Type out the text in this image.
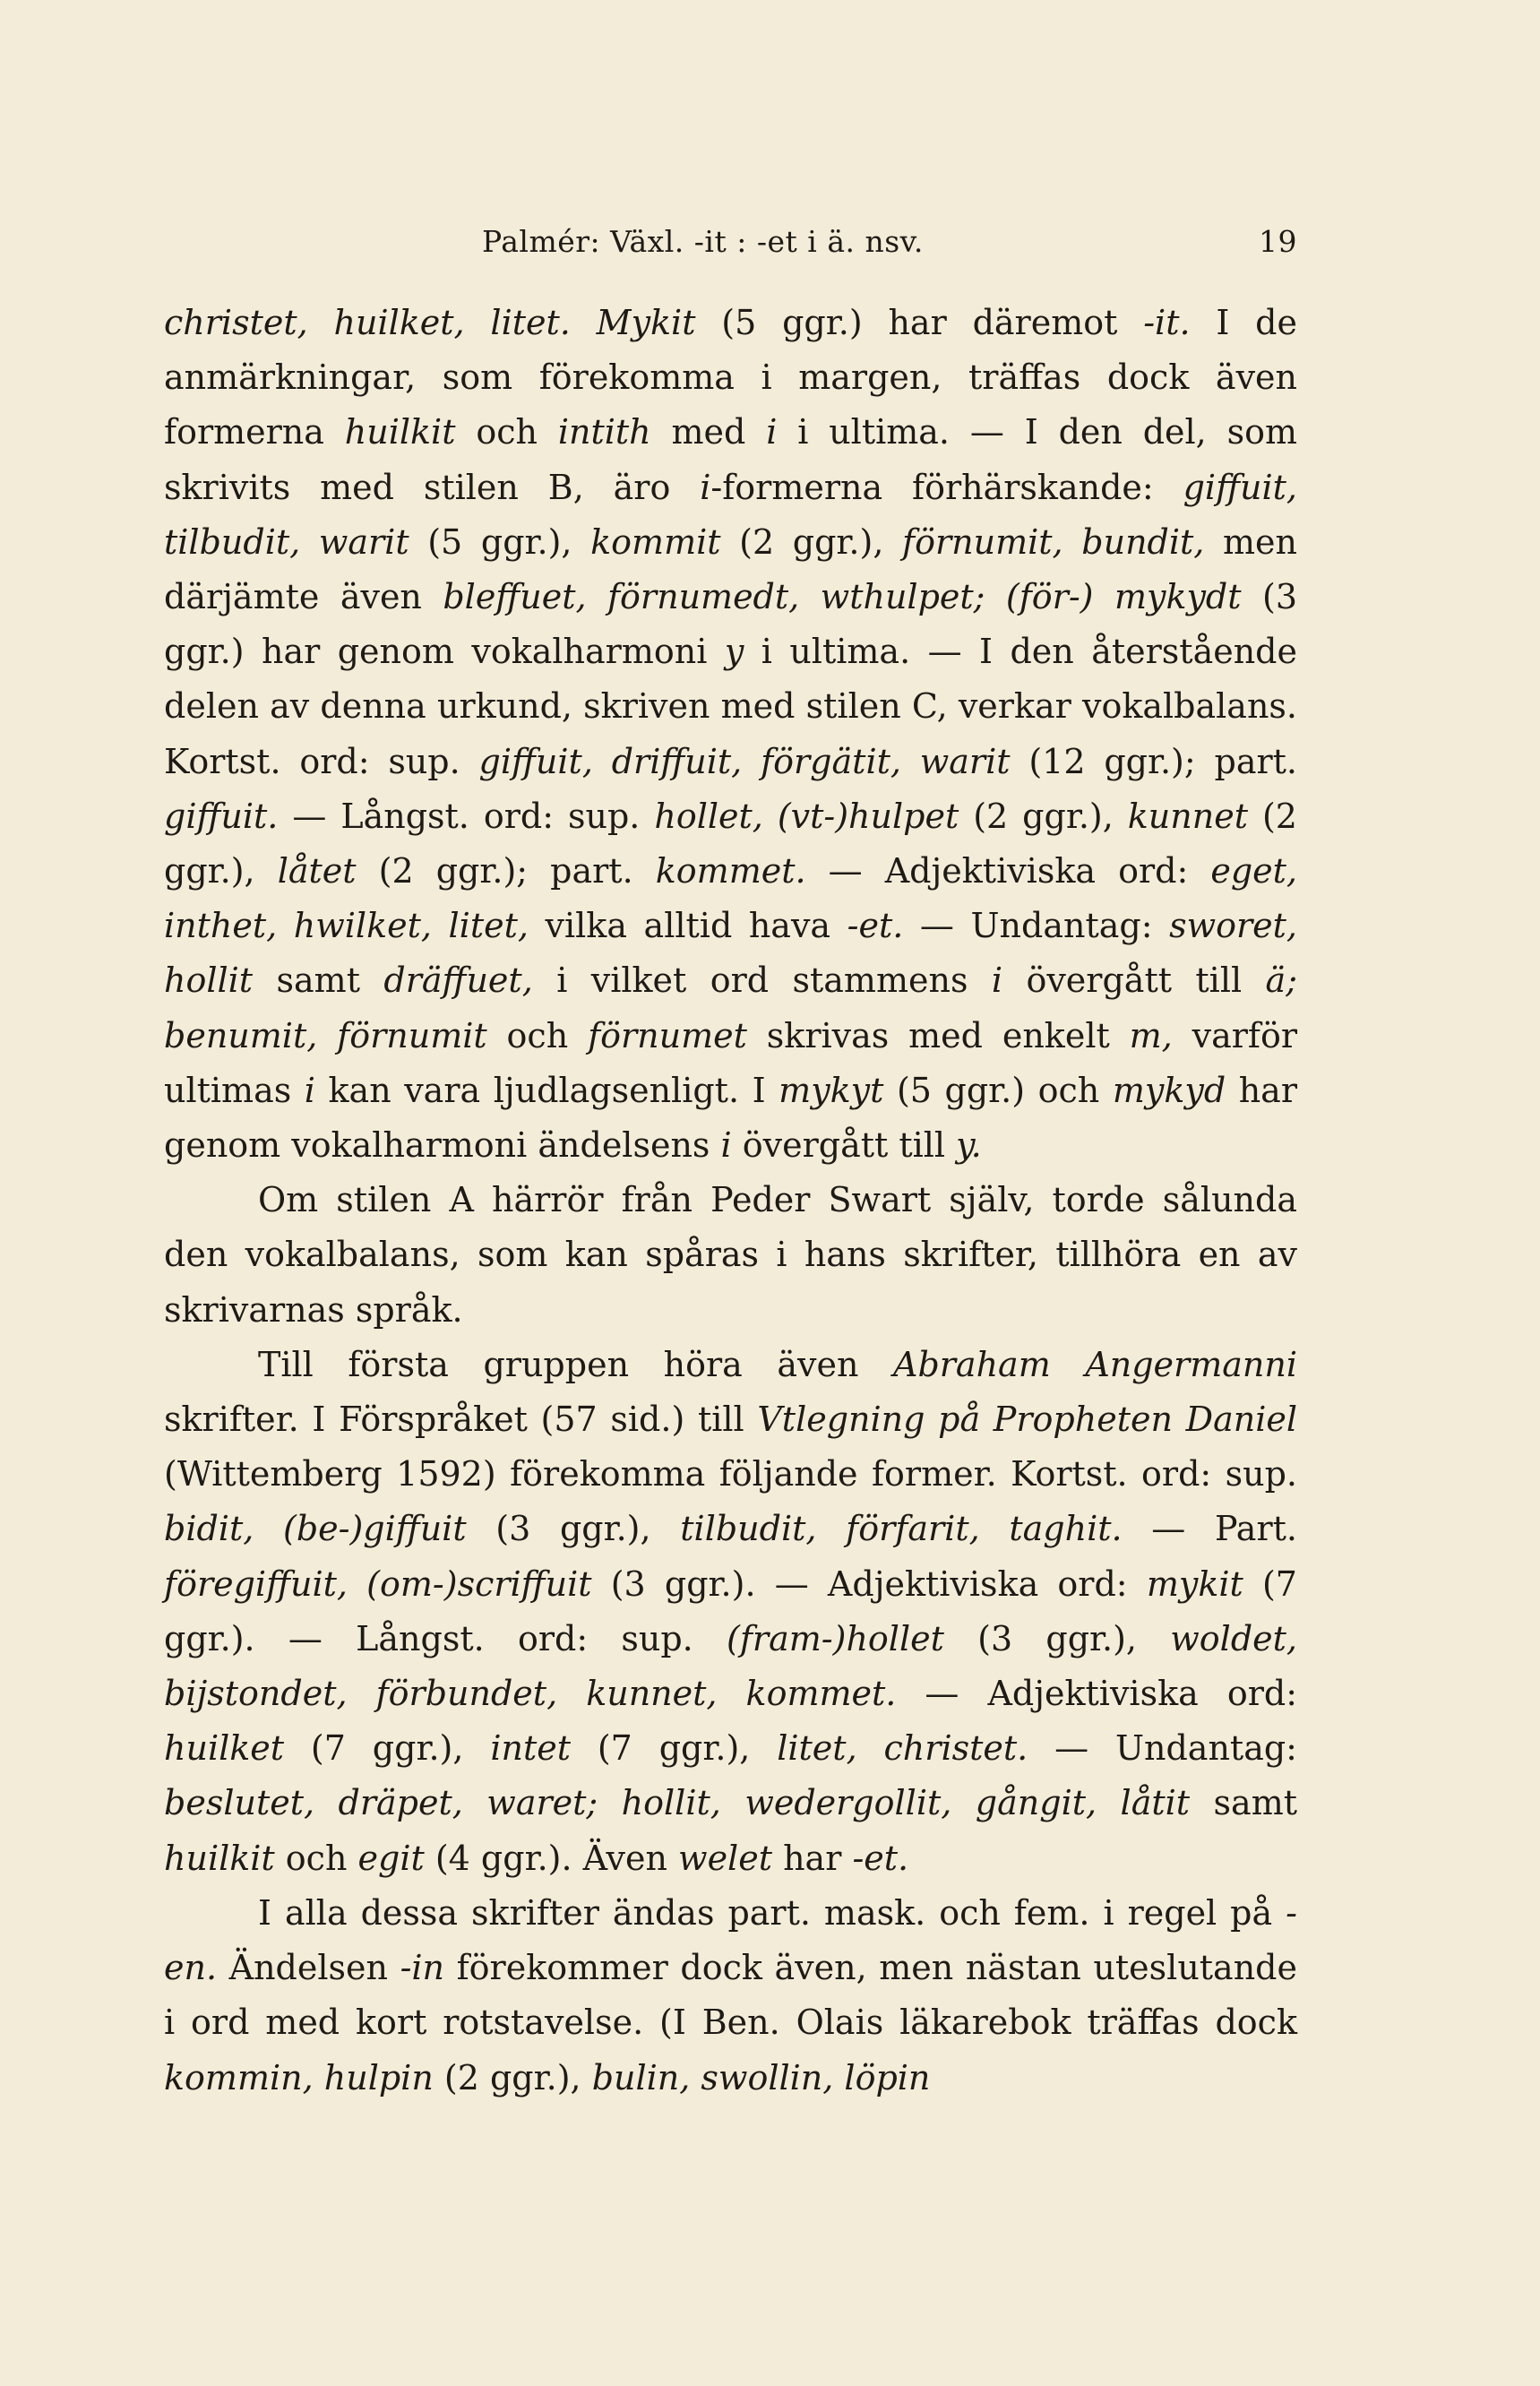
Palmér: Växl. -it : -et i ä. nsv.	19

christet, huilket, litet. Mykit (5 ggr.) har däremot -it. I de anmärkningar, som förekomma i margen, träffas dock även formerna huilkit och intith med i i ultima. — I den del, som skrivits med stilen B, äro i-formerna förhärskande: giffuit, tilbudit, warit (5 ggr.), kommit (2 ggr.), förnumit, bundit, men därjämte även bleffuet, förnumedt, wthulpet; (för-) mykydt (3 ggr.) har genom vokalharmoni y i ultima. — I den återstående delen av denna urkund, skriven med stilen C, verkar vokalbalans. Kortst. ord: sup. giffuit, driffuit, förgätit, warit (12 ggr.); part. giffuit. — Långst. ord: sup. hollet, (vt-)hulpet (2 ggr.), kunnet (2 ggr.), låtet (2 ggr.); part. kommet. — Adjektiviska ord: eget, inthet, hwilket, litet, vilka alltid hava -et. — Undantag: sworet, hollit samt dräffuet, i vilket ord stammens i övergått till ä; benumit, förnumit och förnumet skrivas med enkelt m, varför ultimas i kan vara ljudlagsenligt. I mykyt (5 ggr.) och mykyd har genom vokalharmoni ändelsens i övergått till y.

Om stilen A härrör från Peder Swart själv, torde sålunda den vokalbalans, som kan spåras i hans skrifter, tillhöra en av skrivarnas språk.

Till första gruppen höra även Abraham Angermanni skrifter. I Förspråket (57 sid.) till Vtlegning på Propheten Daniel (Wittemberg 1592) förekomma följande former. Kortst. ord: sup. bidit, (be-)giffuit (3 ggr.), tilbudit, förfarit, taghit. — Part. föregiffuit, (om-)scriffuit (3 ggr.). — Adjektiviska ord: mykit (7 ggr.). — Långst. ord: sup. (fram-)hollet (3 ggr.), woldet, bijstondet, förbundet, kunnet, kommet. — Adjektiviska ord: huilket (7 ggr.), intet (7 ggr.), litet, christet. — Undantag: beslutet, dräpet, waret; hollit, wedergollit, gångit, låtit samt huilkit och egit (4 ggr.). Även welet har -et.

I alla dessa skrifter ändas part. mask. och fem. i regel på -en. Ändelsen -in förekommer dock även, men nästan uteslutande i ord med kort rotstavelse. (I Ben. Olais läkarebok träffas dock kommin, hulpin (2 ggr.), bulin, swollin, löpin
